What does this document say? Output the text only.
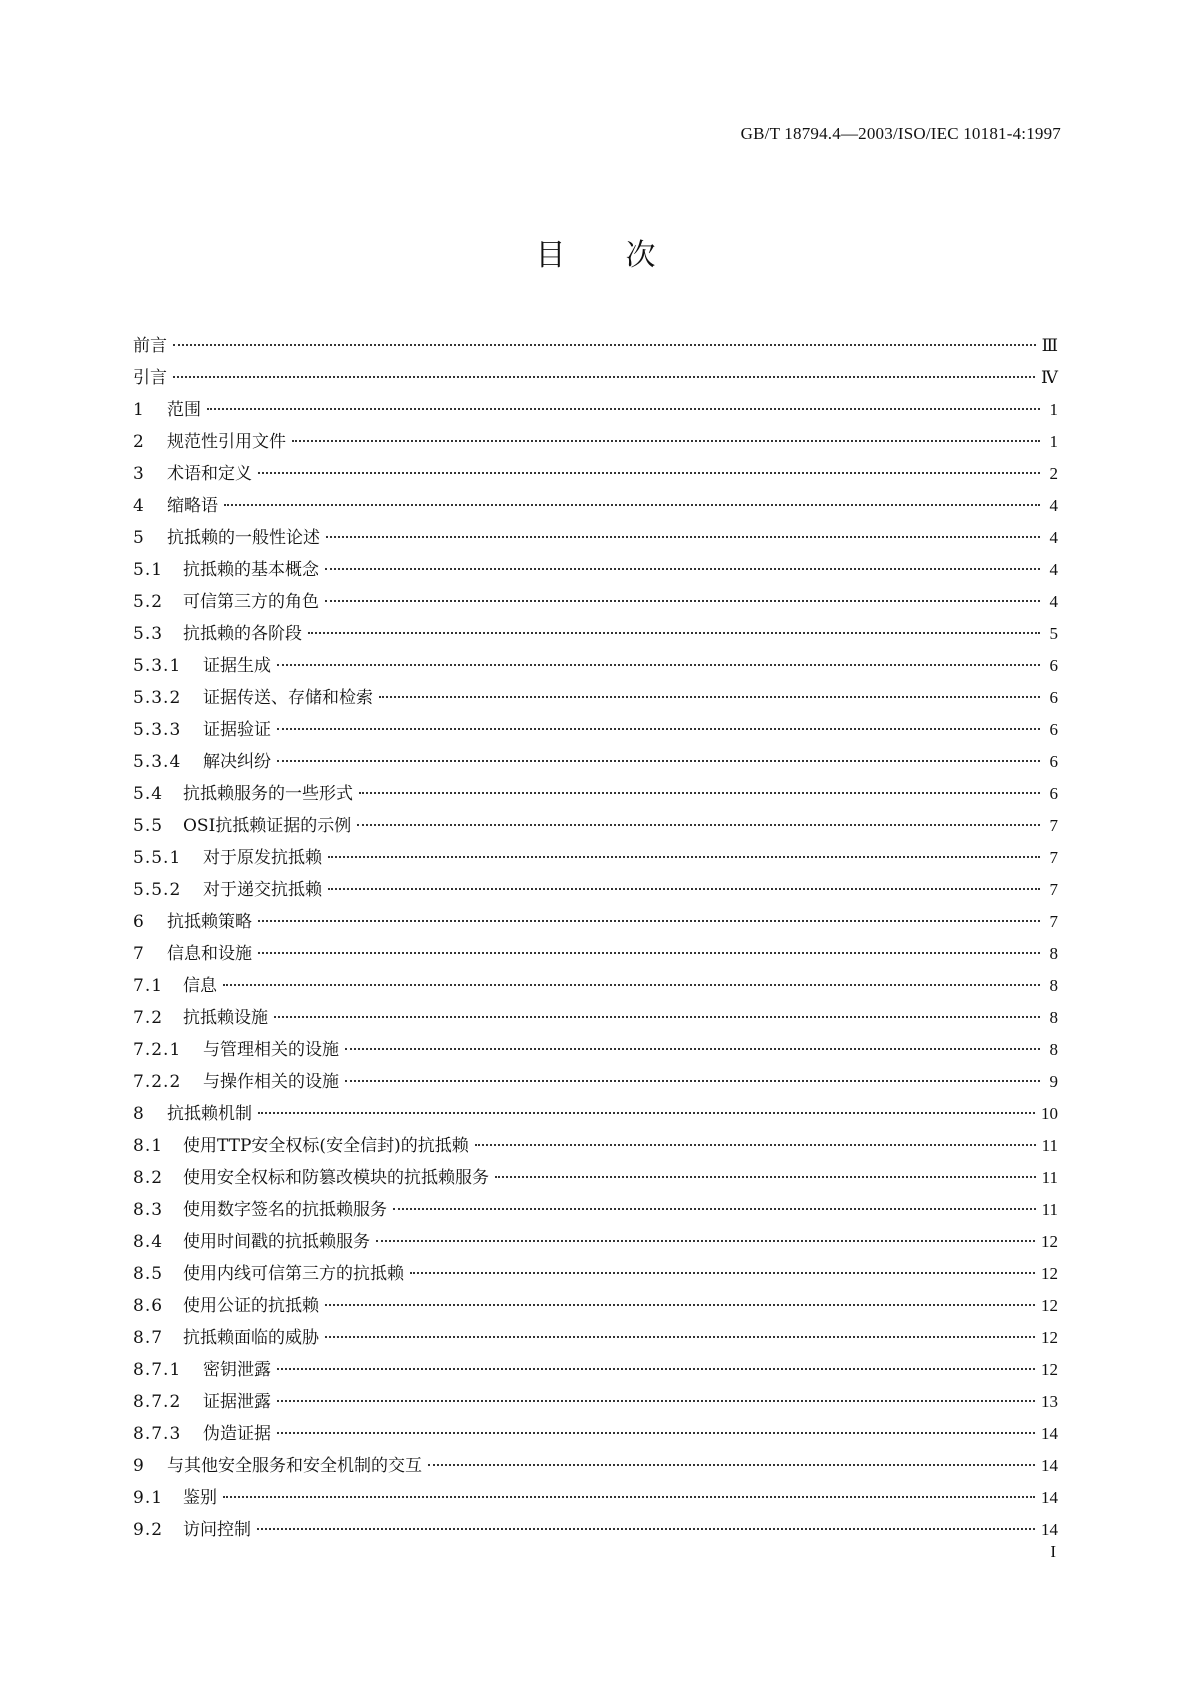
GB/T 18794.4—2003/ISO/IEC 10181-4:1997
目　　次
前言	Ⅲ
引言	Ⅳ
1	范围	1
2	规范性引用文件	1
3	术语和定义	2
4	缩略语	4
5	抗抵赖的一般性论述	4
5.1	抗抵赖的基本概念	4
5.2	可信第三方的角色	4
5.3	抗抵赖的各阶段	5
5.3.1	证据生成	6
5.3.2	证据传送、存储和检索	6
5.3.3	证据验证	6
5.3.4	解决纠纷	6
5.4	抗抵赖服务的一些形式	6
5.5	OSI抗抵赖证据的示例	7
5.5.1	对于原发抗抵赖	7
5.5.2	对于递交抗抵赖	7
6	抗抵赖策略	7
7	信息和设施	8
7.1	信息	8
7.2	抗抵赖设施	8
7.2.1	与管理相关的设施	8
7.2.2	与操作相关的设施	9
8	抗抵赖机制	10
8.1	使用TTP安全权标(安全信封)的抗抵赖	11
8.2	使用安全权标和防篡改模块的抗抵赖服务	11
8.3	使用数字签名的抗抵赖服务	11
8.4	使用时间戳的抗抵赖服务	12
8.5	使用内线可信第三方的抗抵赖	12
8.6	使用公证的抗抵赖	12
8.7	抗抵赖面临的威胁	12
8.7.1	密钥泄露	12
8.7.2	证据泄露	13
8.7.3	伪造证据	14
9	与其他安全服务和安全机制的交互	14
9.1	鉴别	14
9.2	访问控制	14
I
